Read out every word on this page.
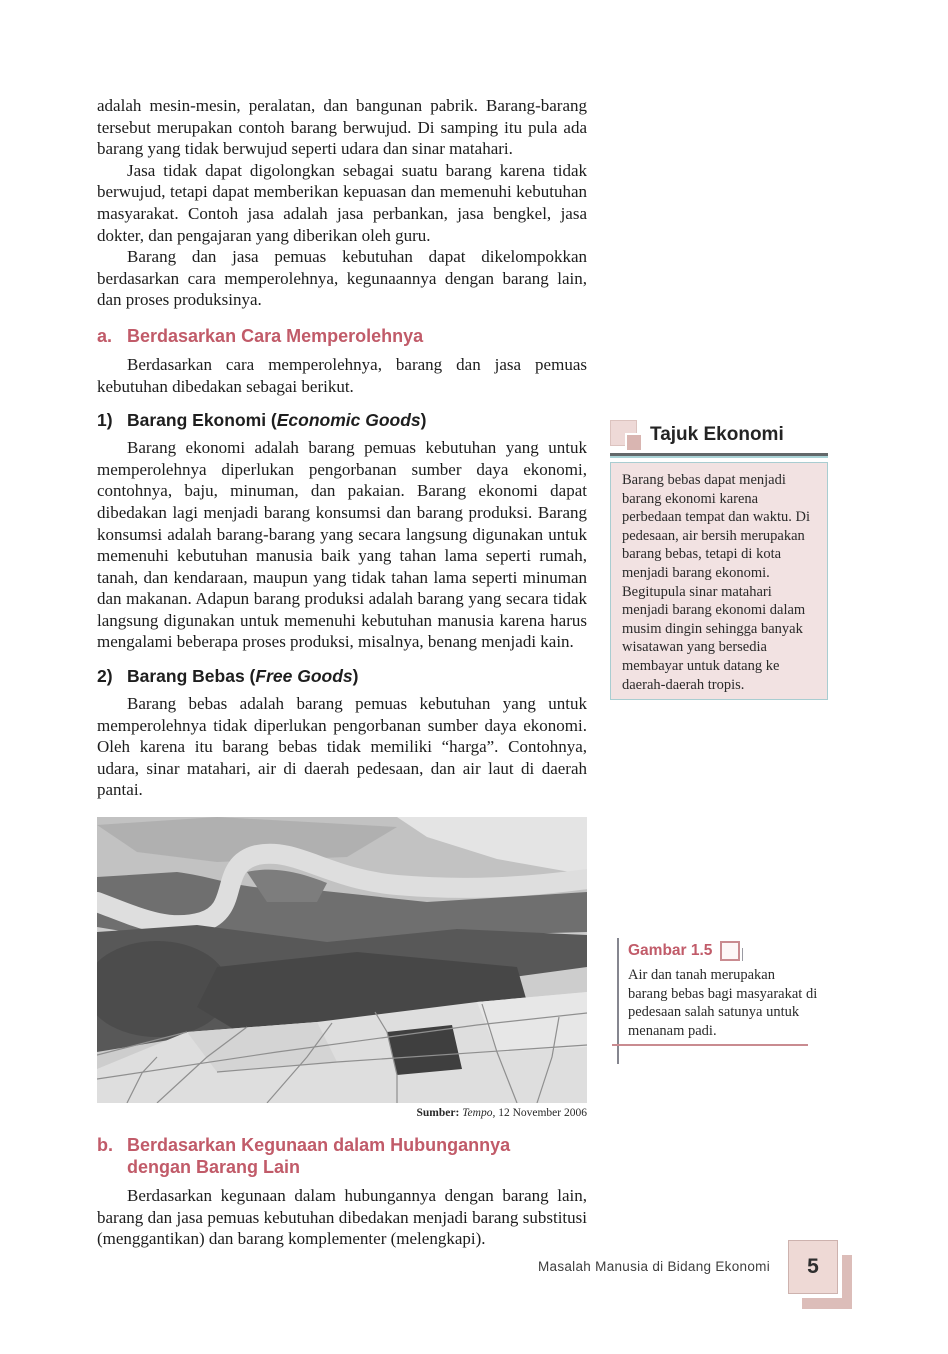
adalah mesin-mesin, peralatan, dan bangunan pabrik. Barang-barang tersebut merupakan contoh barang berwujud. Di samping itu pula ada barang yang tidak berwujud seperti udara dan sinar matahari.

Jasa tidak dapat digolongkan sebagai suatu barang karena tidak berwujud, tetapi dapat memberikan kepuasan dan memenuhi kebutuhan masyarakat. Contoh jasa adalah jasa perbankan, jasa bengkel, jasa dokter, dan pengajaran yang diberikan oleh guru.

Barang dan jasa pemuas kebutuhan dapat dikelompokkan berdasarkan cara memperolehnya, kegunaannya dengan barang lain, dan proses produksinya.

a. Berdasarkan Cara Memperolehnya

Berdasarkan cara memperolehnya, barang dan jasa pemuas kebutuhan dibedakan sebagai berikut.

1) Barang Ekonomi (Economic Goods)

Barang ekonomi adalah barang pemuas kebutuhan yang untuk memperolehnya diperlukan pengorbanan sumber daya ekonomi, contohnya, baju, minuman, dan pakaian. Barang ekonomi dapat dibedakan lagi menjadi barang konsumsi dan barang produksi. Barang konsumsi adalah barang-barang yang secara langsung digunakan untuk memenuhi kebutuhan manusia baik yang tahan lama seperti rumah, tanah, dan kendaraan, maupun yang tidak tahan lama seperti minuman dan makanan. Adapun barang produksi adalah barang yang secara tidak langsung digunakan untuk memenuhi kebutuhan manusia karena harus mengalami beberapa proses produksi, misalnya, benang menjadi kain.

2) Barang Bebas (Free Goods)

Barang bebas adalah barang pemuas kebutuhan yang untuk memperolehnya tidak diperlukan pengorbanan sumber daya ekonomi. Oleh karena itu barang bebas tidak memiliki “harga”. Contohnya, udara, sinar matahari, air di daerah pedesaan, dan air laut di daerah pantai.

Sumber: Tempo, 12 November 2006
b. Berdasarkan Kegunaan dalam Hubungannya dengan Barang Lain

Berdasarkan kegunaan dalam hubungannya dengan barang lain, barang dan jasa pemuas kebutuhan dibedakan menjadi barang substitusi (menggantikan) dan barang komplementer (melengkapi).

Tajuk Ekonomi
Barang bebas dapat menjadi barang ekonomi karena perbedaan tempat dan waktu. Di pedesaan, air bersih merupakan barang bebas, tetapi di kota menjadi barang ekonomi. Begitupula sinar matahari menjadi barang ekonomi dalam musim dingin sehingga banyak wisatawan yang bersedia membayar untuk datang ke daerah-daerah tropis.
Gambar 1.5
Air dan tanah merupakan barang bebas bagi masyarakat di pedesaan salah satunya untuk menanam padi.
Masalah Manusia di Bidang Ekonomi 5
